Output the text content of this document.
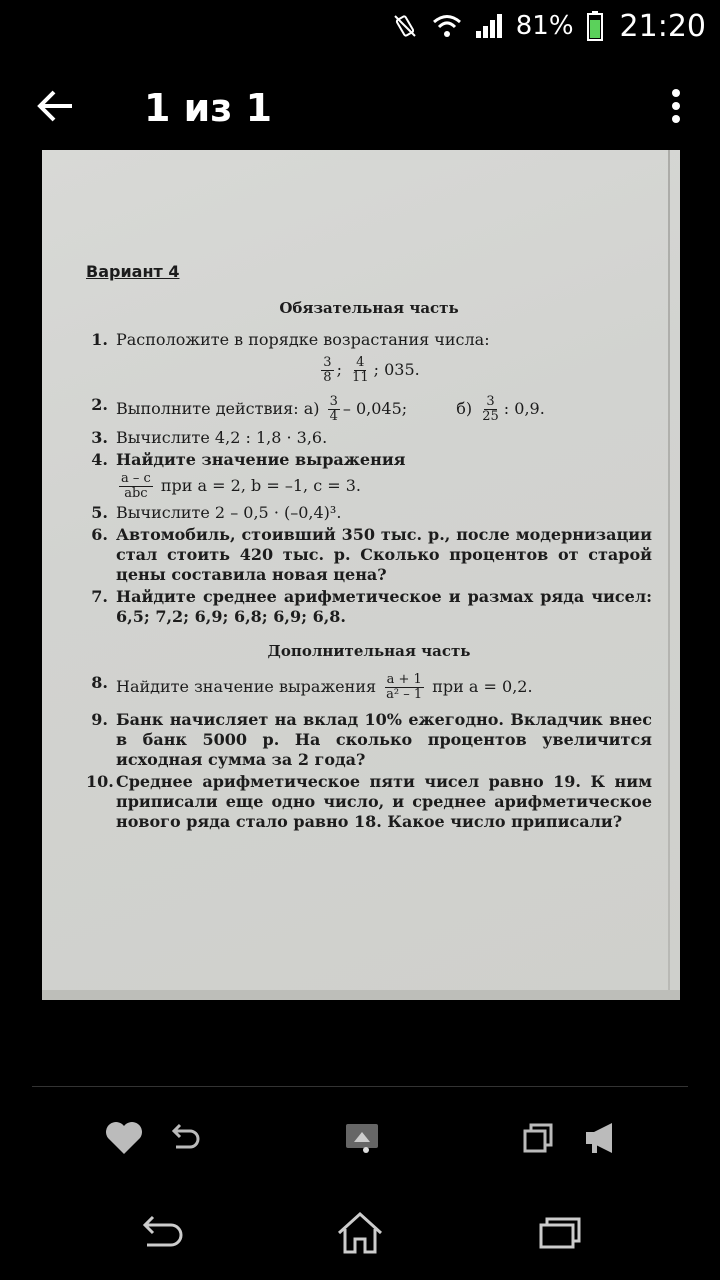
81% 21:20
1 из 1
Вариант 4
Обязательная часть
1. Расположите в порядке возрастания числа:
$\frac{3}{8}$ ; $\frac{4}{11}$ ; 035.
2. Выполните действия: $а) \frac{3}{4} - 0,045$;	$б) \frac{3}{25}$ : 0,9.
3. Вычислите 4,2 : 1,8 · 3,6.
4. Найдите значение выражения
$\frac{a - c}{\text{abc}}$ при a = 2, b = –1, c = 3.
5. Вычислите 2 – 0,5 · (–0,4)³.
6. Автомобиль, стоивший 350 тыс. р., после модернизации стал стоить 420 тыс. р. Сколько процентов от старой цены составила новая цена?
7. Найдите среднее арифметическое и размах ряда чисел: 6,5; 7,2; 6,9; 6,8; 6,9; 6,8.
Дополнительная часть
8. Найдите значение выражения $\frac{a + 1}{\text{a² – 1}}$ при a = 0,2.
9. Банк начисляет на вклад 10% ежегодно. Вкладчик внес в банк 5000 р. На сколько процентов увеличится исходная сумма за 2 года?
10. Среднее арифметическое пяти чисел равно 19. К ним приписали еще одно число, и среднее арифметическое нового ряда стало равно 18. Какое число приписали?
